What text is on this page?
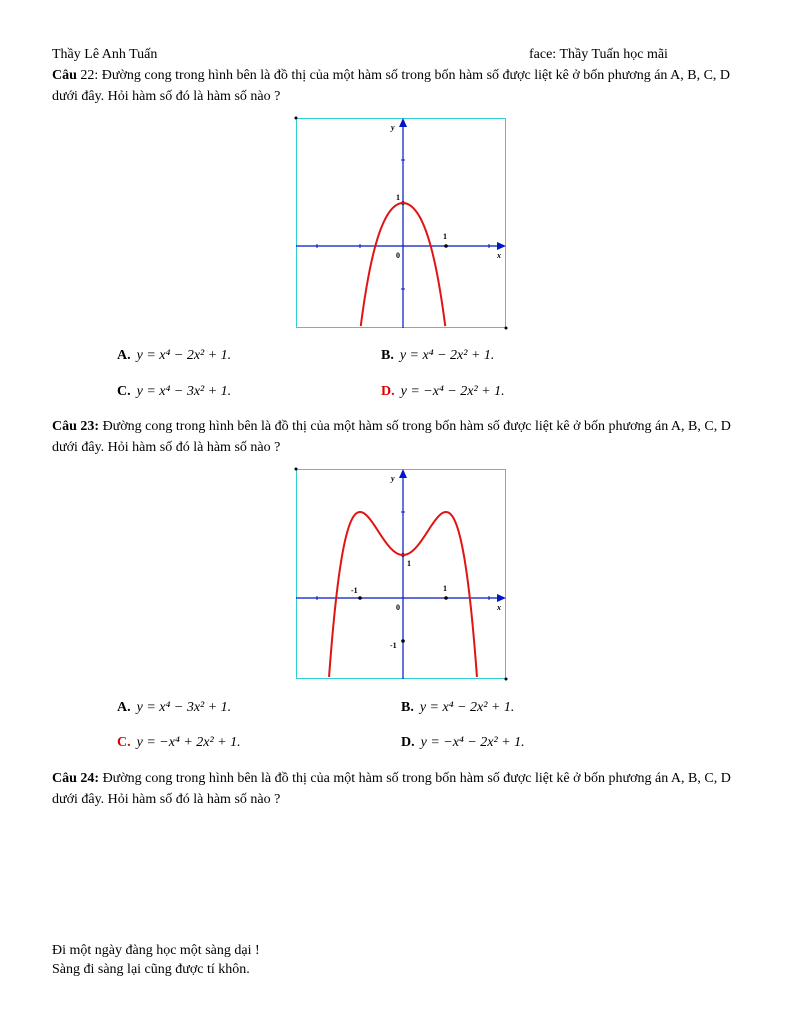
Thầy Lê Anh Tuấn	face: Thầy Tuấn học mãi
Câu 22: Đường cong trong hình bên là đồ thị của một hàm số trong bốn hàm số được liệt kê ở bốn phương án A, B, C, D dưới đây. Hỏi hàm số đó là hàm số nào ?
y
x
0
1
1
A. y = x⁴ − 2x² + 1.	B. y = x⁴ − 2x² + 1.
C. y = x⁴ − 3x² + 1.	D. y = −x⁴ − 2x² + 1.
Câu 23: Đường cong trong hình bên là đồ thị của một hàm số trong bốn hàm số được liệt kê ở bốn phương án A, B, C, D dưới đây. Hỏi hàm số đó là hàm số nào ?
y
x
0
1
1
-1
-1
A. y = x⁴ − 3x² + 1.	B. y = x⁴ − 2x² + 1.
C. y = −x⁴ + 2x² + 1.	D. y = −x⁴ − 2x² + 1.
Câu 24: Đường cong trong hình bên là đồ thị của một hàm số trong bốn hàm số được liệt kê ở bốn phương án A, B, C, D dưới đây. Hỏi hàm số đó là hàm số nào ?
Đi một ngày đàng học một sàng dại !
Sàng đi sàng lại cũng được tí khôn.
